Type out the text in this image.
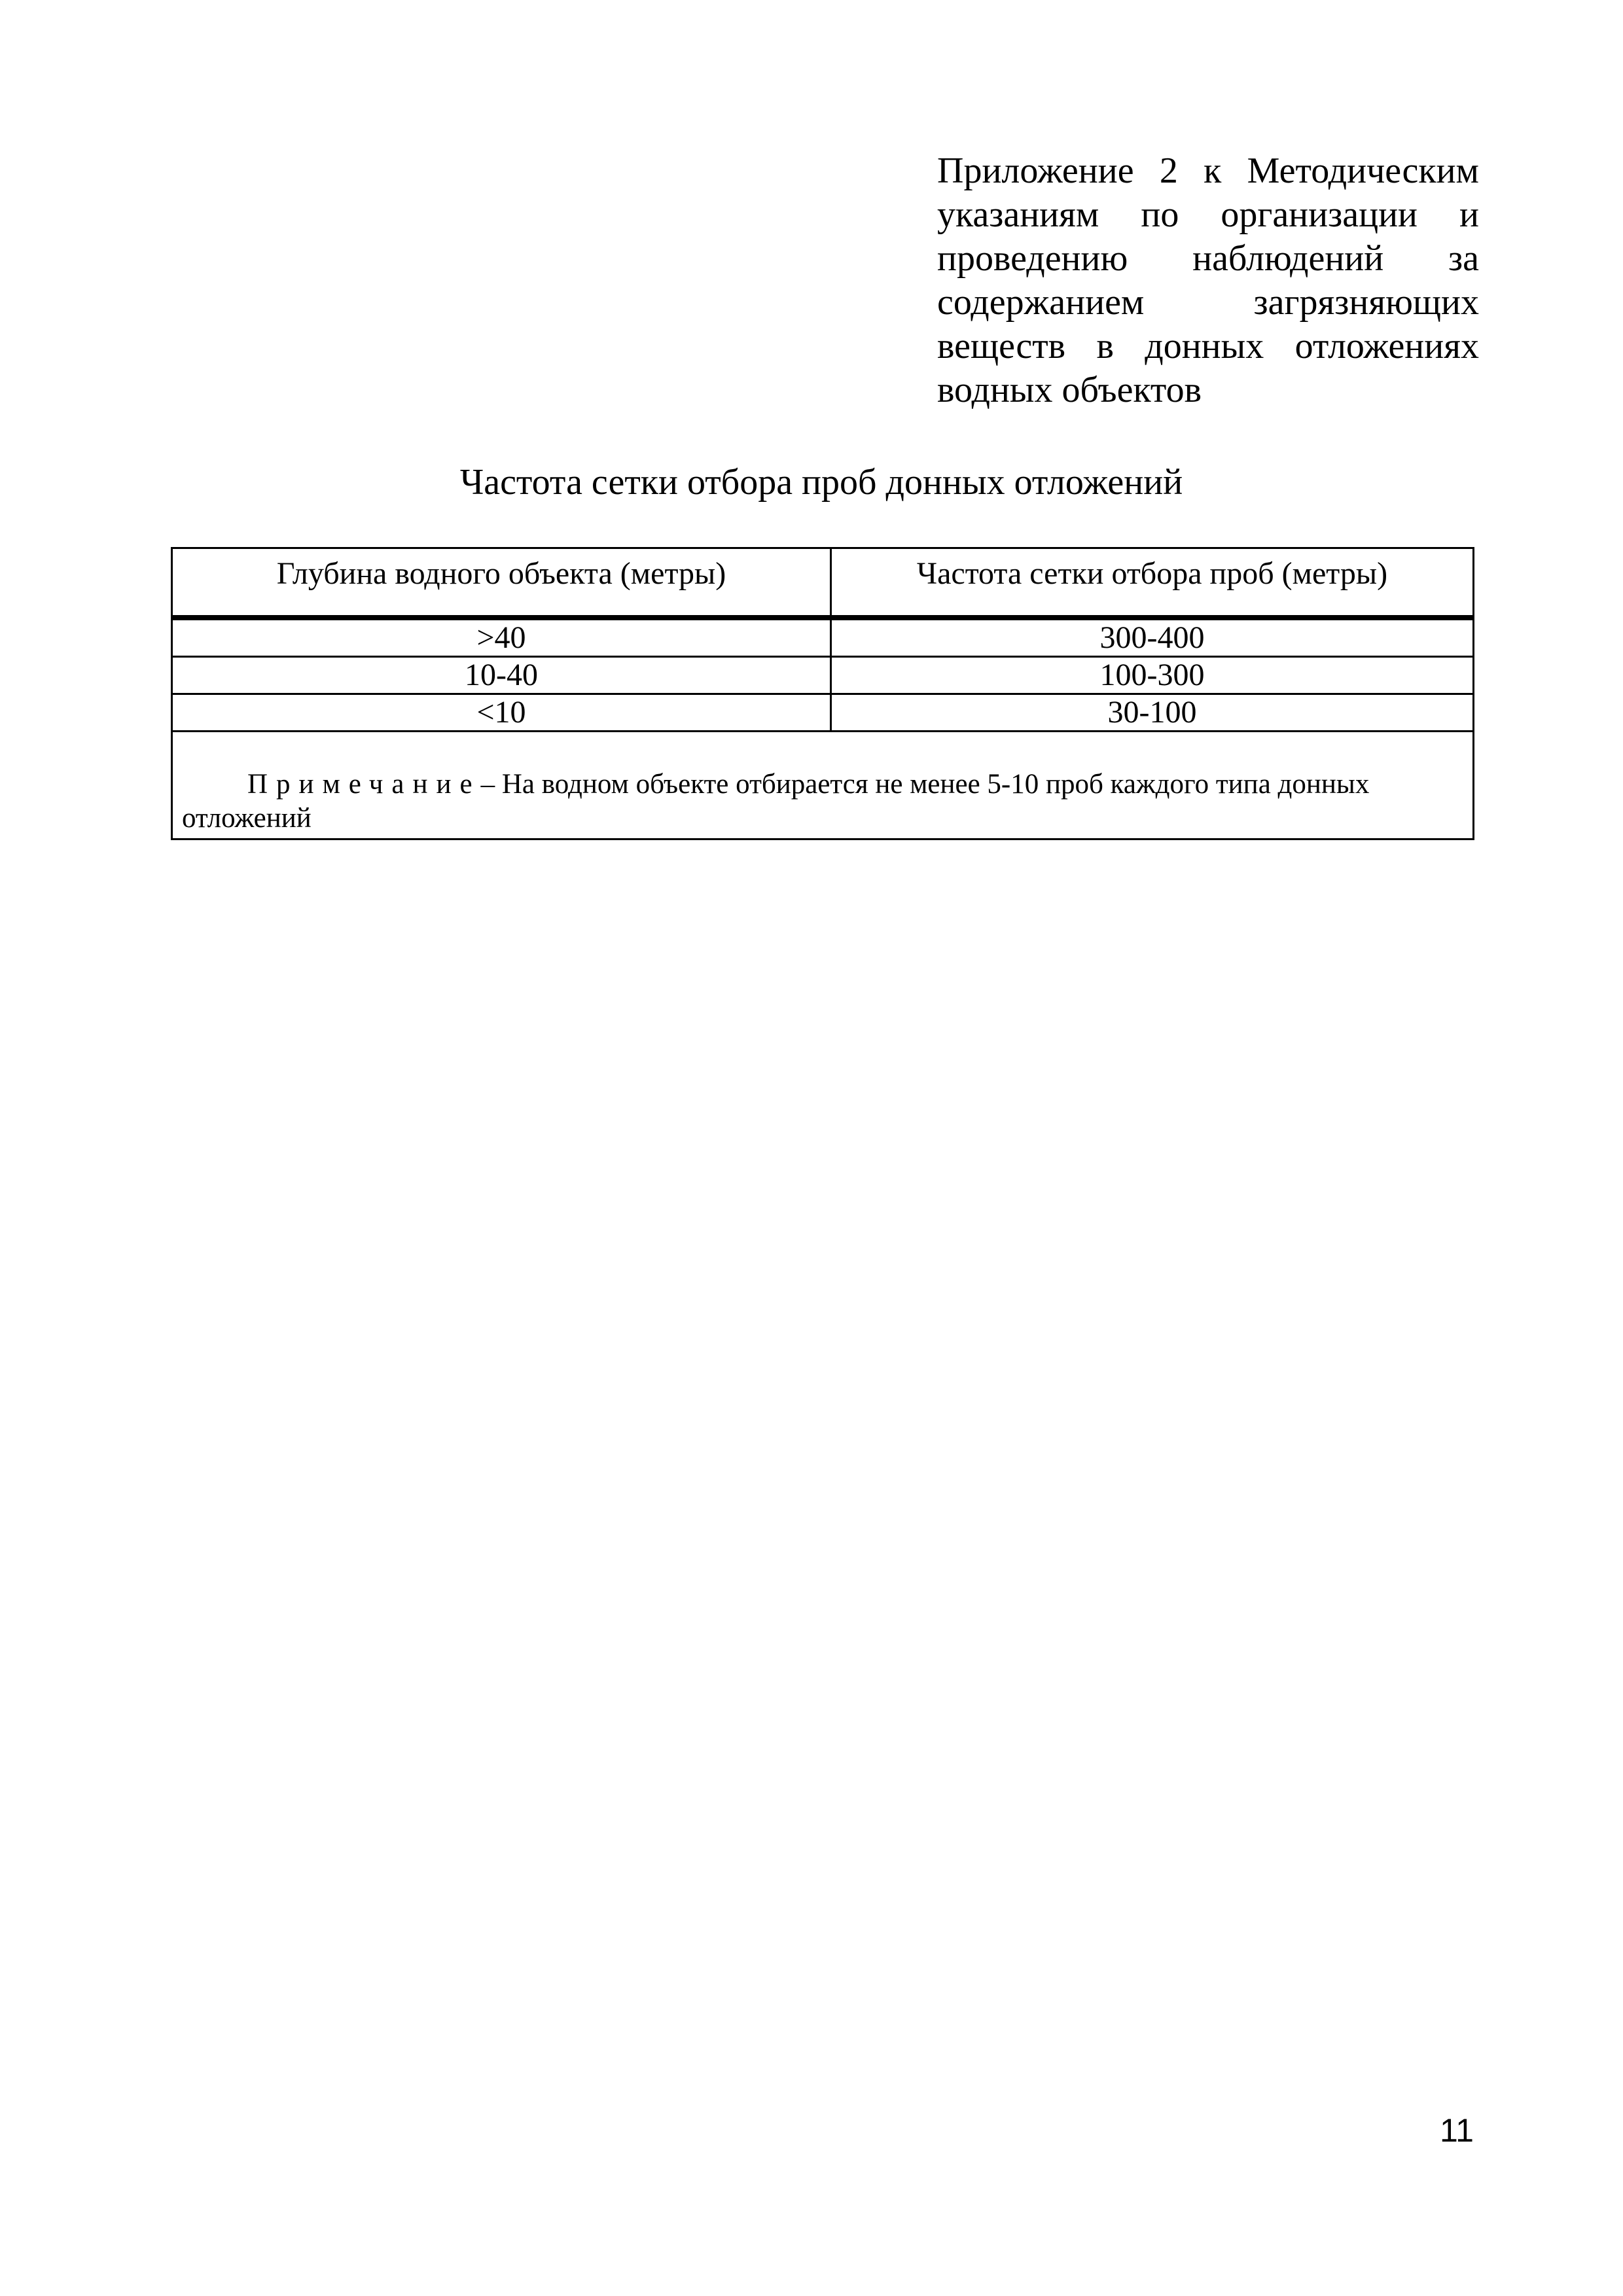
Приложение 2 к Методическим указаниям по организации и проведению наблюдений за содержанием загрязняющих веществ в донных отложениях водных объектов
Частота сетки отбора проб донных отложений
Глубина водного объекта (метры)	Частота сетки отбора проб (метры)
>40	300-400
10-40	100-300
<10	30-100
Примечание– На водном объекте отбирается не менее 5-10 проб каждого типа донных отложений	
11
